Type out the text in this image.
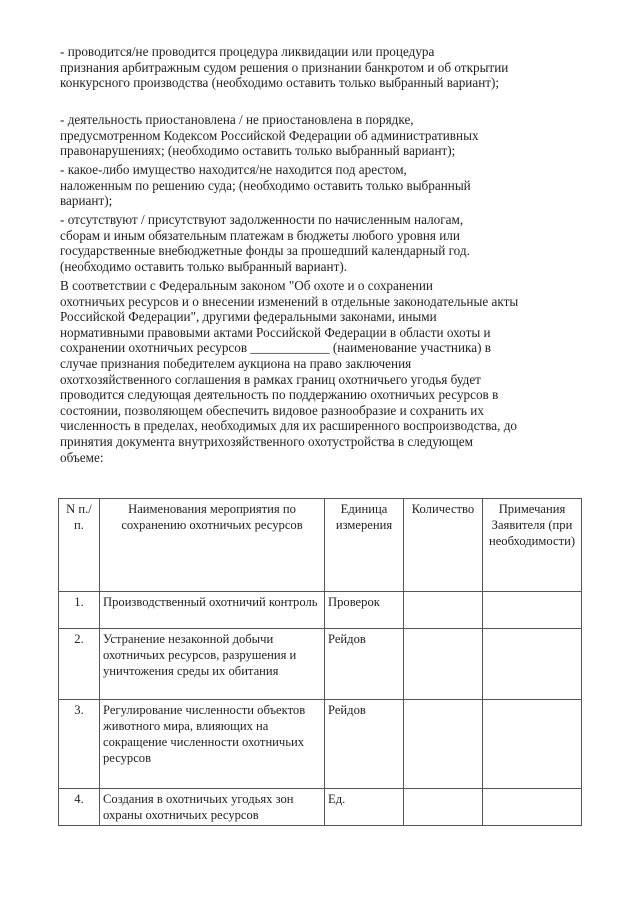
- проводится/не проводится процедура ликвидации или процедура
признания арбитражным судом решения о признании банкротом и об открытии
конкурсного производства (необходимо оставить только выбранный вариант);
- деятельность приостановлена / не приостановлена в порядке,
предусмотренном Кодексом Российской Федерации об административных
правонарушениях; (необходимо оставить только выбранный вариант);
- какое-либо имущество находится/не находится под арестом,
наложенным по решению суда; (необходимо оставить только выбранный
вариант);
- отсутствуют / присутствуют задолженности по начисленным налогам,
сборам и иным обязательным платежам в бюджеты любого уровня или
государственные внебюджетные фонды за прошедший календарный год.
(необходимо оставить только выбранный вариант).
В соответствии с Федеральным законом "Об охоте и о сохранении
охотничьих ресурсов и о внесении изменений в отдельные законодательные акты
Российской Федерации", другими федеральными законами, иными
нормативными правовыми актами Российской Федерации в области охоты и
сохранении охотничьих ресурсов ____________ (наименование участника) в
случае признания победителем аукциона на право заключения
охотхозяйственного соглашения в рамках границ охотничьего угодья будет
проводится следующая деятельность по поддержанию охотничьих ресурсов в
состоянии, позволяющем обеспечить видовое разнообразие и сохранить их
численность в пределах, необходимых для их расширенного воспроизводства, до
принятия документа внутрихозяйственного охотустройства в следующем
объеме:
N п./п.	Наименования мероприятия по сохранению охотничьих ресурсов	Единица измерения	Количество	Примечания Заявителя (при необходимости)
1.	Производственный охотничий контроль	Проверок		
2.	Устранение незаконной добычи охотничьих ресурсов, разрушения и уничтожения среды их обитания	Рейдов		
3.	Регулирование численности объектов животного мира, влияющих на сокращение численности охотничьих ресурсов	Рейдов		
4.	Создания в охотничьих угодьях зон охраны охотничьих ресурсов	Ед.		
